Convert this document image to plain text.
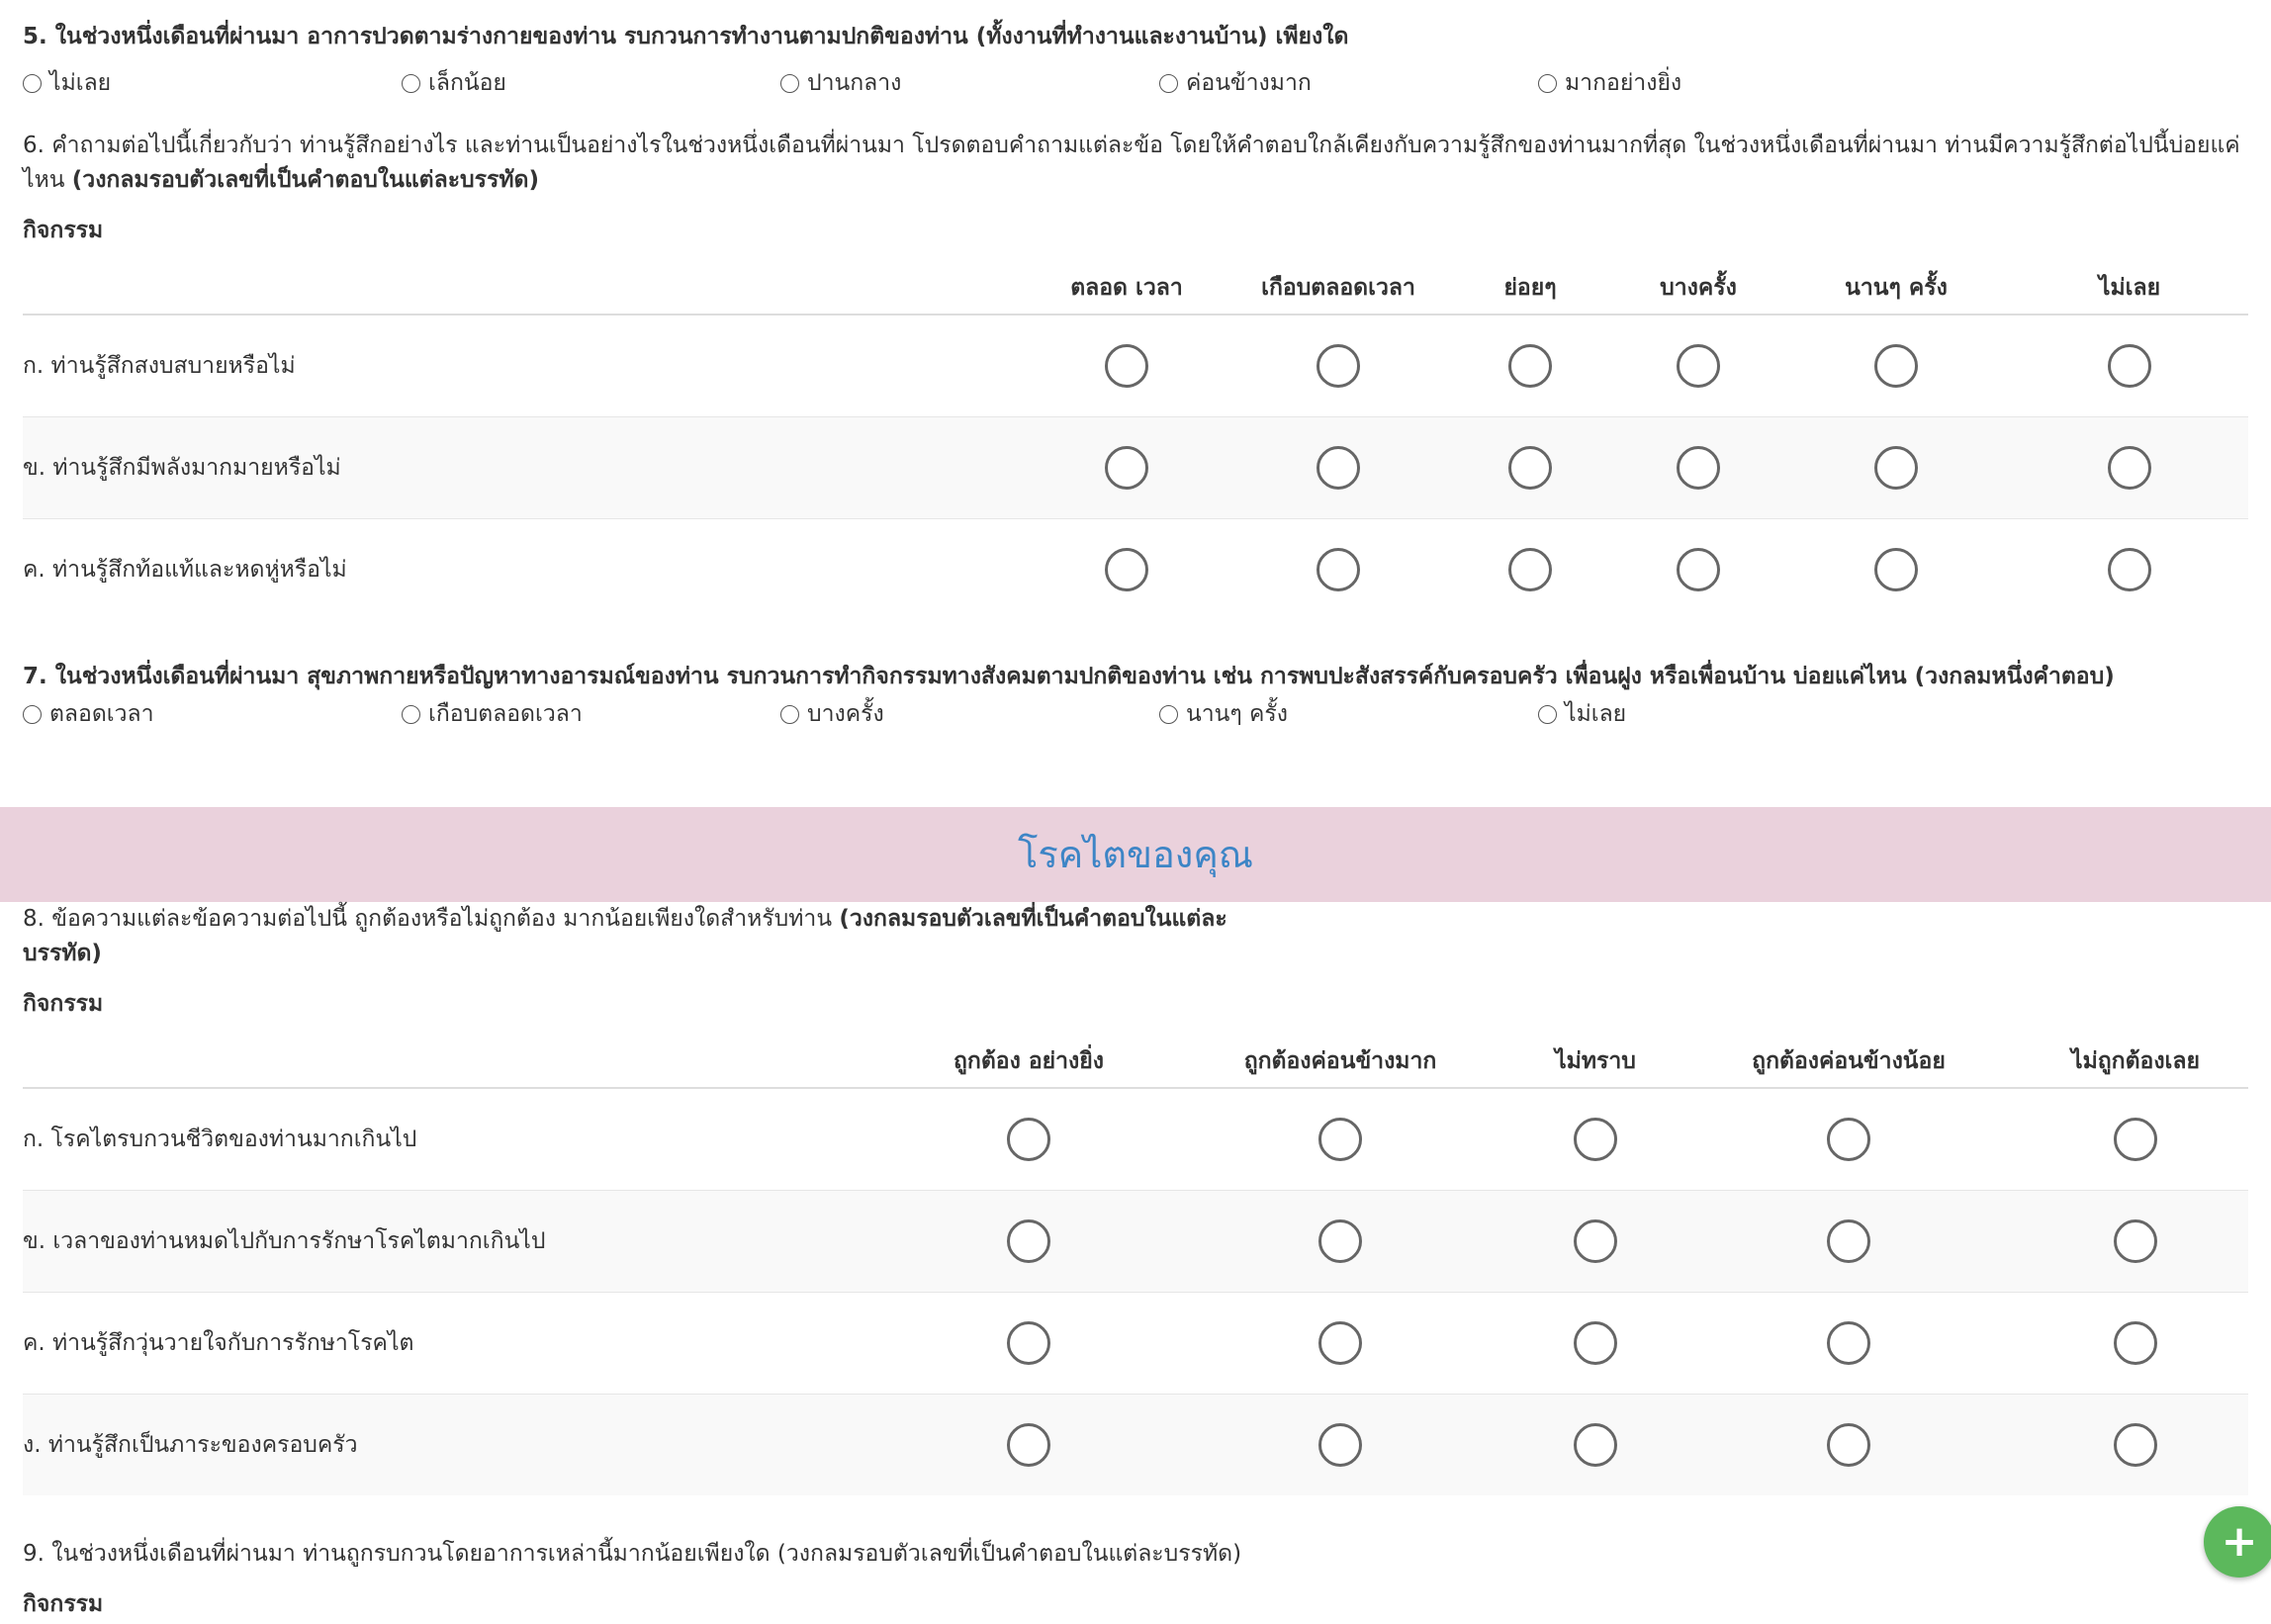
5. ในช่วงหนึ่งเดือนที่ผ่านมา อาการปวดตามร่างกายของท่าน รบกวนการทำงานตามปกติของท่าน (ทั้งงานที่ทำงานและงานบ้าน) เพียงใด

ไม่เลย	เล็กน้อย	ปานกลาง	ค่อนข้างมาก	มากอย่างยิ่ง

6. คำถามต่อไปนี้เกี่ยวกับว่า ท่านรู้สึกอย่างไร และท่านเป็นอย่างไรในช่วงหนึ่งเดือนที่ผ่านมา โปรดตอบคำถามแต่ละข้อ โดยให้คำตอบใกล้เคียงกับความรู้สึกของท่านมากที่สุด ในช่วงหนึ่งเดือนที่ผ่านมา ท่านมีความรู้สึกต่อไปนี้บ่อยแค่ไหน (วงกลมรอบตัวเลขที่เป็นคำตอบในแต่ละบรรทัด)

กิจกรรม

	ตลอด เวลา	เกือบตลอดเวลา	ย่อยๆ	บางครั้ง	นานๆ ครั้ง	ไม่เลย
ก. ท่านรู้สึกสงบสบายหรือไม่						
ข. ท่านรู้สึกมีพลังมากมายหรือไม่						
ค. ท่านรู้สึกท้อแท้และหดหู่หรือไม่						

7. ในช่วงหนึ่งเดือนที่ผ่านมา สุขภาพกายหรือปัญหาทางอารมณ์ของท่าน รบกวนการทำกิจกรรมทางสังคมตามปกติของท่าน เช่น การพบปะสังสรรค์กับครอบครัว เพื่อนฝูง หรือเพื่อนบ้าน บ่อยแค่ไหน (วงกลมหนึ่งคำตอบ)

ตลอดเวลา	เกือบตลอดเวลา	บางครั้ง	นานๆ ครั้ง	ไม่เลย
โรคไตของคุณ

8. ข้อความแต่ละข้อความต่อไปนี้ ถูกต้องหรือไม่ถูกต้อง มากน้อยเพียงใดสำหรับท่าน (วงกลมรอบตัวเลขที่เป็นคำตอบในแต่ละบรรทัด)

กิจกรรม

	ถูกต้อง อย่างยิ่ง	ถูกต้องค่อนข้างมาก	ไม่ทราบ	ถูกต้องค่อนข้างน้อย	ไม่ถูกต้องเลย
ก. โรคไตรบกวนชีวิตของท่านมากเกินไป					
ข. เวลาของท่านหมดไปกับการรักษาโรคไตมากเกินไป					
ค. ท่านรู้สึกวุ่นวายใจกับการรักษาโรคไต					
ง. ท่านรู้สึกเป็นภาระของครอบครัว					

9. ในช่วงหนึ่งเดือนที่ผ่านมา ท่านถูกรบกวนโดยอาการเหล่านี้มากน้อยเพียงใด (วงกลมรอบตัวเลขที่เป็นคำตอบในแต่ละบรรทัด)

กิจกรรม

+
